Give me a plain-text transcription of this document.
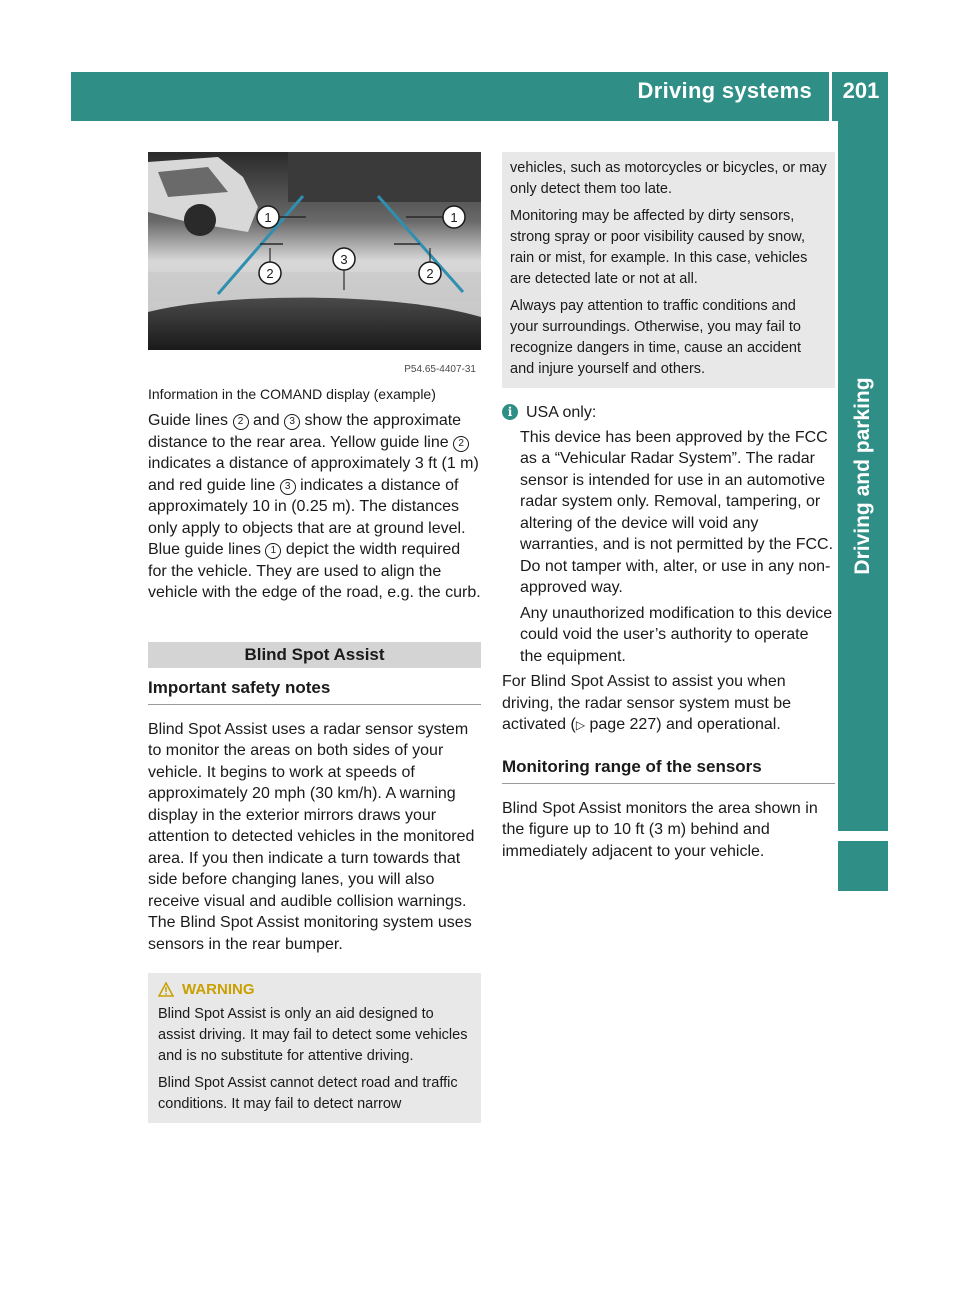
Driving systems	201
Driving and parking
1	1
2
3
2
P54.65-4407-31
Information in the COMAND display (example)

Guide lines 2 and 3 show the approximate distance to the rear area. Yellow guide line 2 indicates a distance of approximately 3 ft (1 m) and red guide line 3 indicates a distance of approximately 10 in (0.25 m). The distances only apply to objects that are at ground level. Blue guide lines 1 depict the width required for the vehicle. They are used to align the vehicle with the edge of the road, e.g. the curb.

Blind Spot Assist
Important safety notes

Blind Spot Assist uses a radar sensor system to monitor the areas on both sides of your vehicle. It begins to work at speeds of approximately 20 mph (30 km/h). A warning display in the exterior mirrors draws your attention to detected vehicles in the monitored area. If you then indicate a turn towards that side before changing lanes, you will also receive visual and audible collision warnings. The Blind Spot Assist monitoring system uses sensors in the rear bumper.

WARNING

Blind Spot Assist is only an aid designed to assist driving. It may fail to detect some vehicles and is no substitute for attentive driving.

Blind Spot Assist cannot detect road and traffic conditions. It may fail to detect narrow

vehicles, such as motorcycles or bicycles, or may only detect them too late.

Monitoring may be affected by dirty sensors, strong spray or poor visibility caused by snow, rain or mist, for example. In this case, vehicles are detected late or not at all.

Always pay attention to traffic conditions and your surroundings. Otherwise, you may fail to recognize dangers in time, cause an accident and injure yourself and others.

i USA only:

This device has been approved by the FCC as a “Vehicular Radar System”. The radar sensor is intended for use in an automotive radar system only. Removal, tampering, or altering of the device will void any warranties, and is not permitted by the FCC. Do not tamper with, alter, or use in any non-approved way.

Any unauthorized modification to this device could void the user’s authority to operate the equipment.

For Blind Spot Assist to assist you when driving, the radar sensor system must be activated (▷ page 227) and operational.

Monitoring range of the sensors

Blind Spot Assist monitors the area shown in the figure up to 10 ft (3 m) behind and immediately adjacent to your vehicle.
